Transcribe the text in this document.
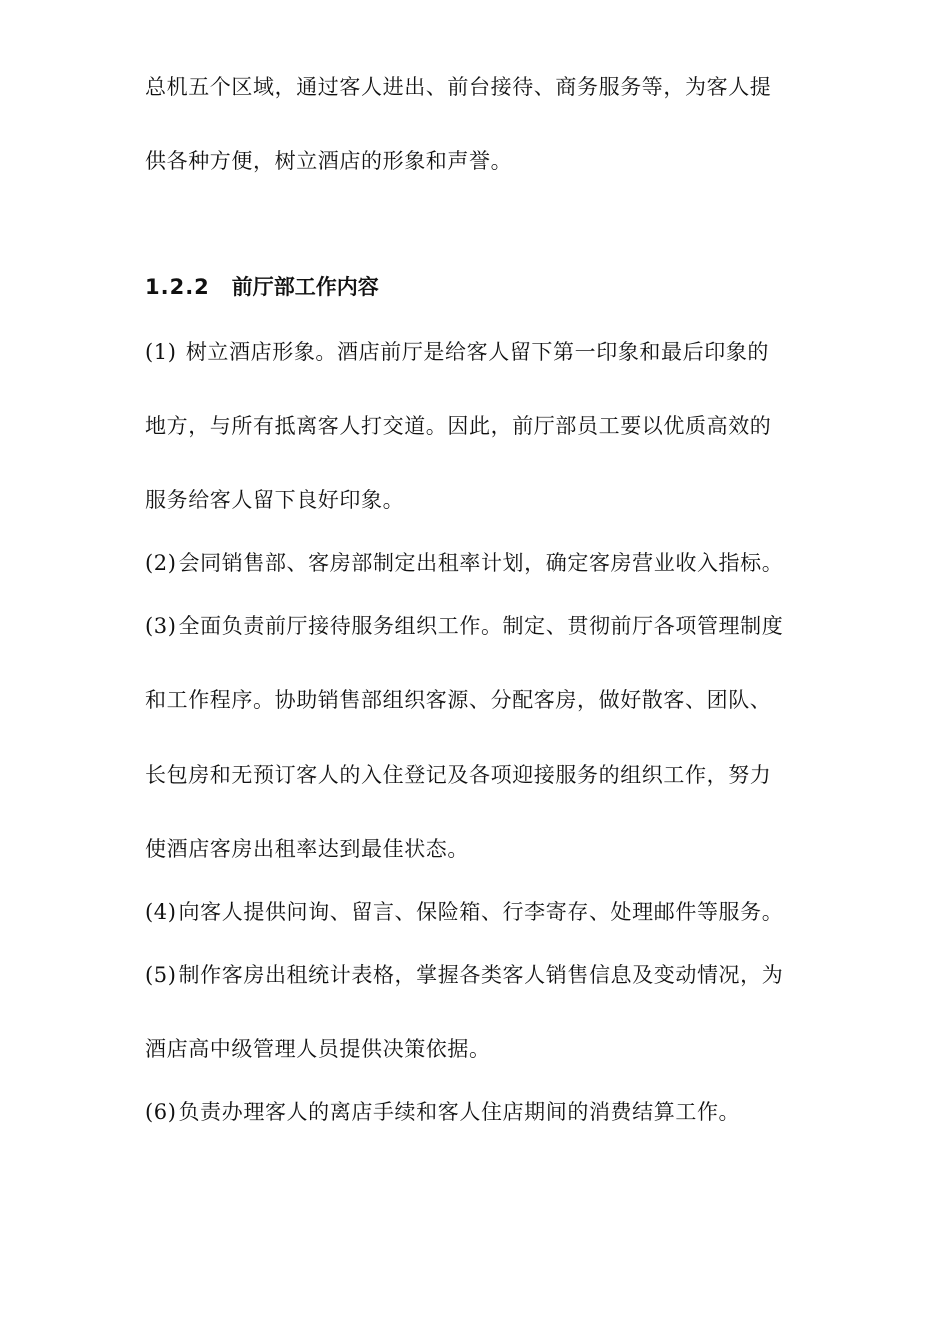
总机五个区域，通过客人进出、前台接待、商务服务等，为客人提
供各种方便，树立酒店的形象和声誉。
1.2.2 前厅部工作内容
(1) 树立酒店形象。酒店前厅是给客人留下第一印象和最后印象的
地方，与所有抵离客人打交道。因此，前厅部员工要以优质高效的
服务给客人留下良好印象。
(2)会同销售部、客房部制定出租率计划，确定客房营业收入指标。
(3)全面负责前厅接待服务组织工作。制定、贯彻前厅各项管理制度
和工作程序。协助销售部组织客源、分配客房，做好散客、团队、
长包房和无预订客人的入住登记及各项迎接服务的组织工作，努力
使酒店客房出租率达到最佳状态。
(4)向客人提供问询、留言、保险箱、行李寄存、处理邮件等服务。
(5)制作客房出租统计表格，掌握各类客人销售信息及变动情况，为
酒店高中级管理人员提供决策依据。
(6)负责办理客人的离店手续和客人住店期间的消费结算工作。
